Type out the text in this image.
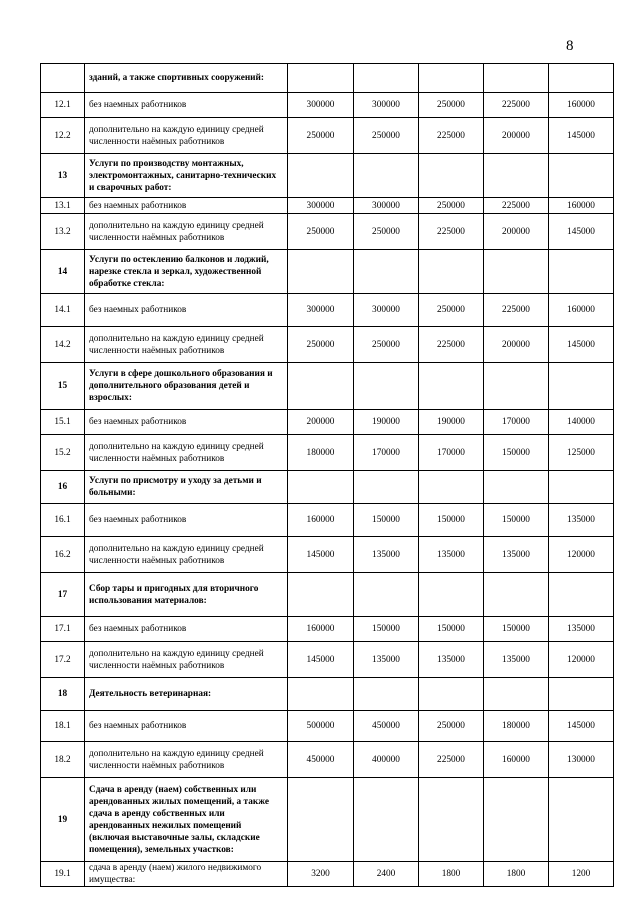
8
	зданий, а также спортивных сооружений:					
12.1	без наемных работников	300000	300000	250000	225000	160000
12.2	дополнительно на каждую единицу средней численности наёмных работников	250000	250000	225000	200000	145000
13	Услуги по производству монтажных, электромонтажных, санитарно-технических и сварочных работ:					
13.1	без наемных работников	300000	300000	250000	225000	160000
13.2	дополнительно на каждую единицу средней численности наёмных работников	250000	250000	225000	200000	145000
14	Услуги по остеклению балконов и лоджий, нарезке стекла и зеркал, художественной обработке стекла:					
14.1	без наемных работников	300000	300000	250000	225000	160000
14.2	дополнительно на каждую единицу средней численности наёмных работников	250000	250000	225000	200000	145000
15	Услуги в сфере дошкольного образования и дополнительного образования детей и взрослых:					
15.1	без наемных работников	200000	190000	190000	170000	140000
15.2	дополнительно на каждую единицу средней численности наёмных работников	180000	170000	170000	150000	125000
16	Услуги по присмотру и уходу за детьми и больными:					
16.1	без наемных работников	160000	150000	150000	150000	135000
16.2	дополнительно на каждую единицу средней численности наёмных работников	145000	135000	135000	135000	120000
17	Сбор тары и пригодных для вторичного использования материалов:					
17.1	без наемных работников	160000	150000	150000	150000	135000
17.2	дополнительно на каждую единицу средней численности наёмных работников	145000	135000	135000	135000	120000
18	Деятельность ветеринарная:					
18.1	без наемных работников	500000	450000	250000	180000	145000
18.2	дополнительно на каждую единицу средней численности наёмных работников	450000	400000	225000	160000	130000
19	Сдача в аренду (наем) собственных или арендованных жилых помещений, а также сдача в аренду собственных или арендованных нежилых помещений (включая выставочные залы, складские помещения), земельных участков:					
19.1	сдача в аренду (наем) жилого недвижимого имущества:	3200	2400	1800	1800	1200
